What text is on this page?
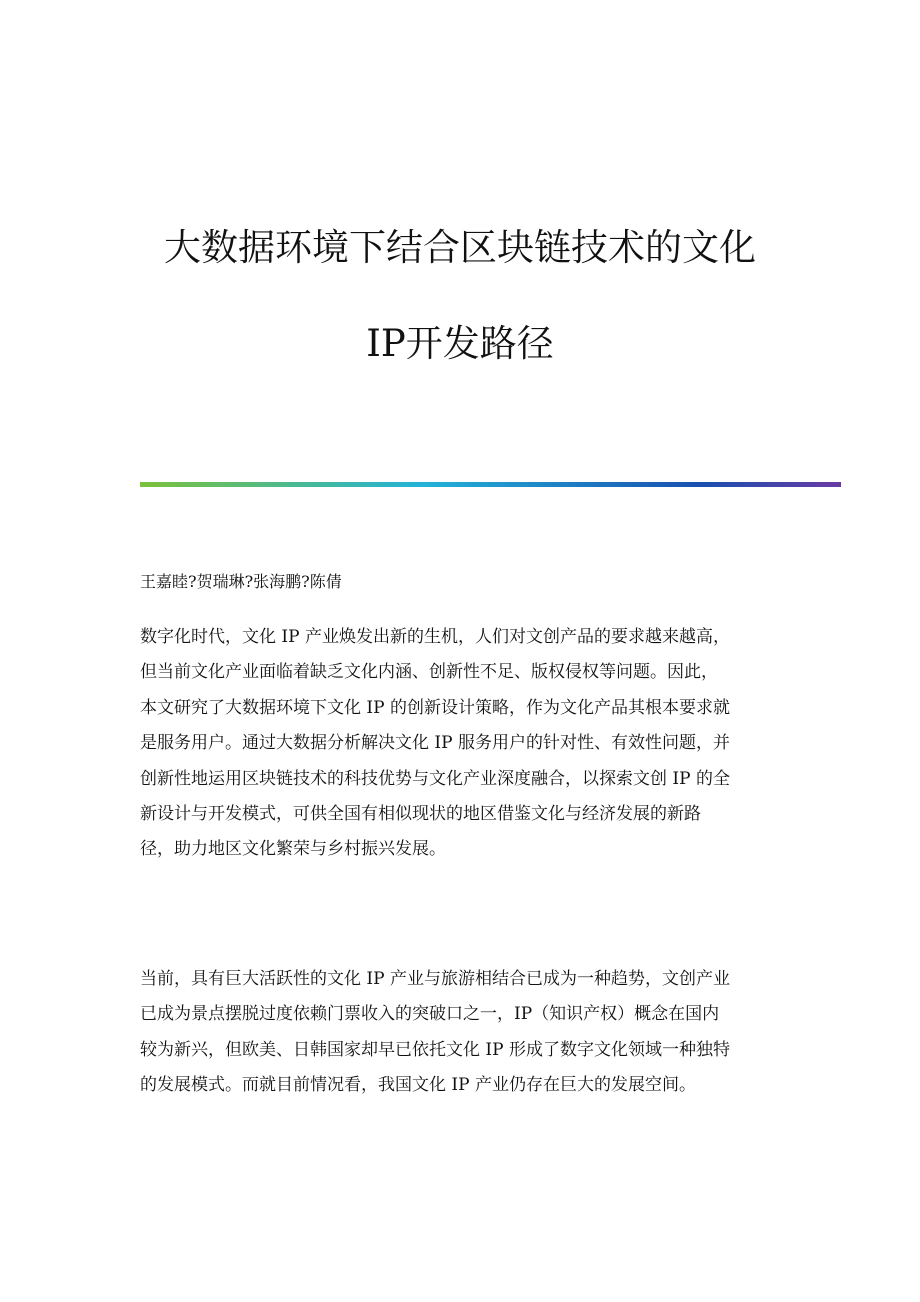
大数据环境下结合区块链技术的文化
IP开发路径
王嘉睦?贺瑞琳?张海鹏?陈倩

数字化时代，文化 IP 产业焕发出新的生机，人们对文创产品的要求越来越高，
但当前文化产业面临着缺乏文化内涵、创新性不足、版权侵权等问题。因此，
本文研究了大数据环境下文化 IP 的创新设计策略，作为文化产品其根本要求就
是服务用户。通过大数据分析解决文化 IP 服务用户的针对性、有效性问题，并
创新性地运用区块链技术的科技优势与文化产业深度融合，以探索文创 IP 的全
新设计与开发模式，可供全国有相似现状的地区借鉴文化与经济发展的新路
径，助力地区文化繁荣与乡村振兴发展。

当前，具有巨大活跃性的文化 IP 产业与旅游相结合已成为一种趋势，文创产业
已成为景点摆脱过度依赖门票收入的突破口之一，IP（知识产权）概念在国内
较为新兴，但欧美、日韩国家却早已依托文化 IP 形成了数字文化领域一种独特
的发展模式。而就目前情况看，我国文化 IP 产业仍存在巨大的发展空间。
